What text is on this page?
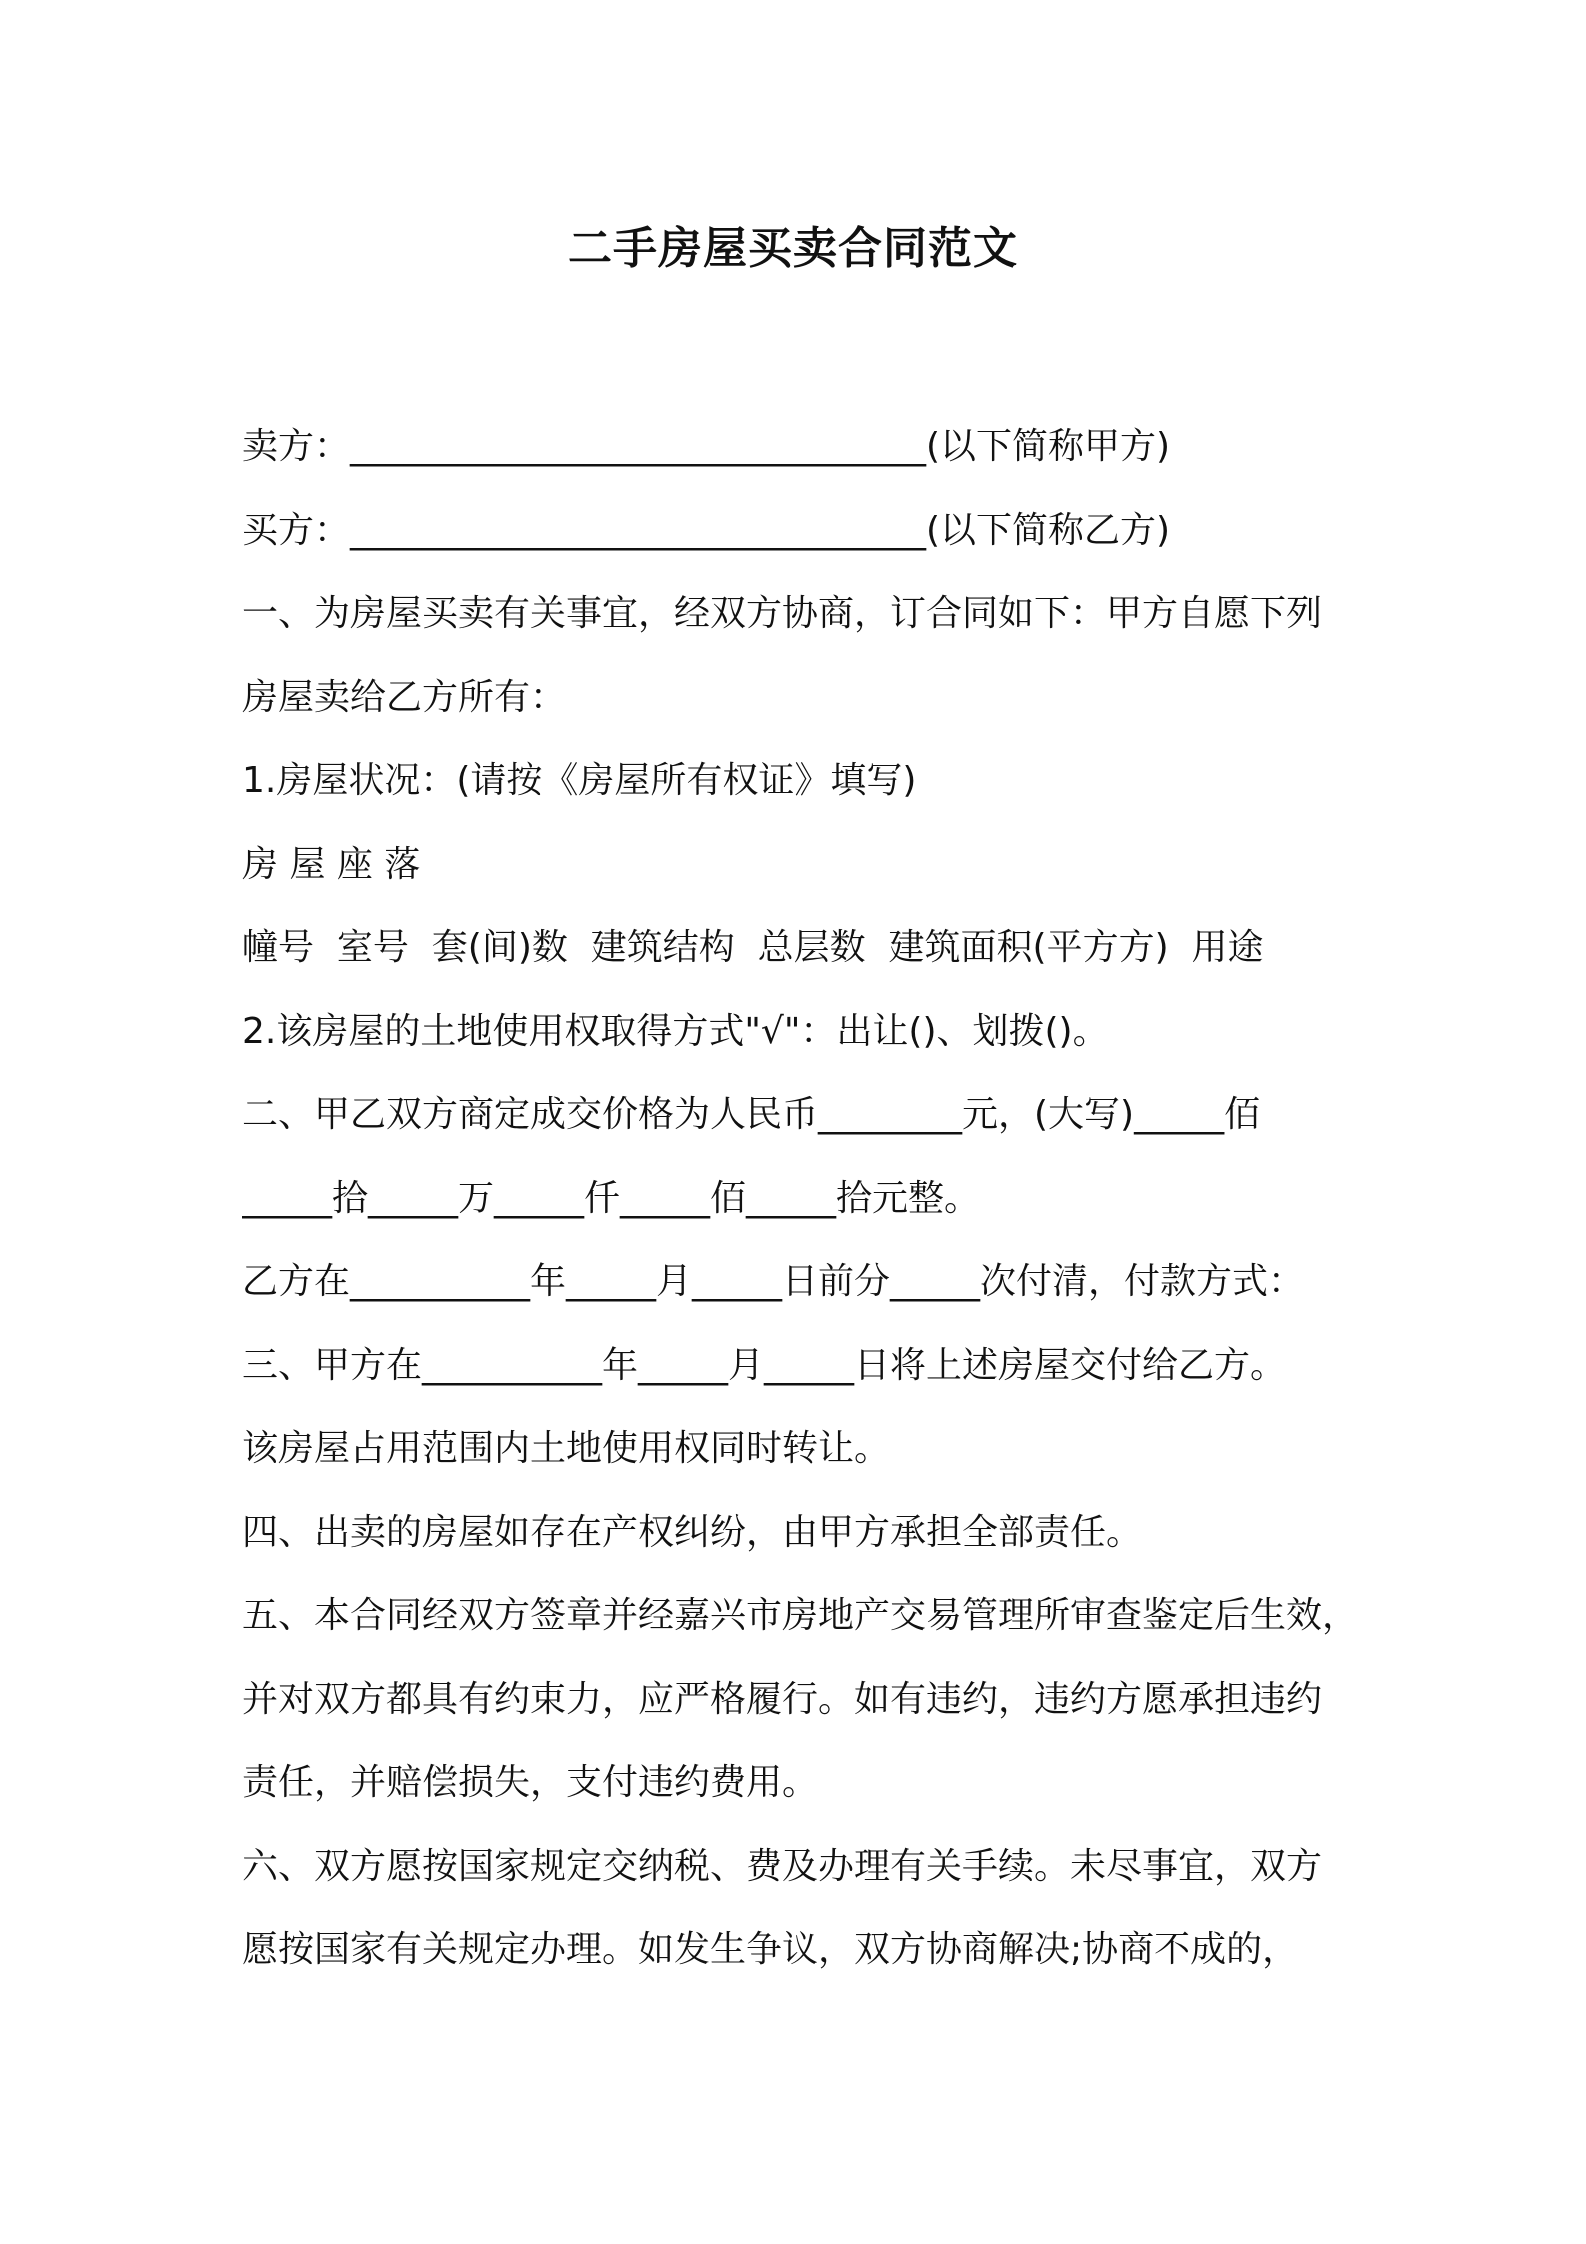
二手房屋买卖合同范文
卖方：________________________________(以下简称甲方)
买方：________________________________(以下简称乙方)
一、为房屋买卖有关事宜，经双方协商，订合同如下：甲方自愿下列
房屋卖给乙方所有：
1.房屋状况：(请按《房屋所有权证》填写)
房 屋 座 落
幢号  室号  套(间)数  建筑结构  总层数  建筑面积(平方方)  用途
2.该房屋的土地使用权取得方式"√"：出让()、划拨()。
二、甲乙双方商定成交价格为人民币________元，(大写)_____佰
_____拾_____万_____仟_____佰_____拾元整。
乙方在__________年_____月_____日前分_____次付清，付款方式：
三、甲方在__________年_____月_____日将上述房屋交付给乙方。
该房屋占用范围内土地使用权同时转让。
四、出卖的房屋如存在产权纠纷，由甲方承担全部责任。
五、本合同经双方签章并经嘉兴市房地产交易管理所审查鉴定后生效，
并对双方都具有约束力，应严格履行。如有违约，违约方愿承担违约
责任，并赔偿损失，支付违约费用。
六、双方愿按国家规定交纳税、费及办理有关手续。未尽事宜，双方
愿按国家有关规定办理。如发生争议，双方协商解决;协商不成的，
